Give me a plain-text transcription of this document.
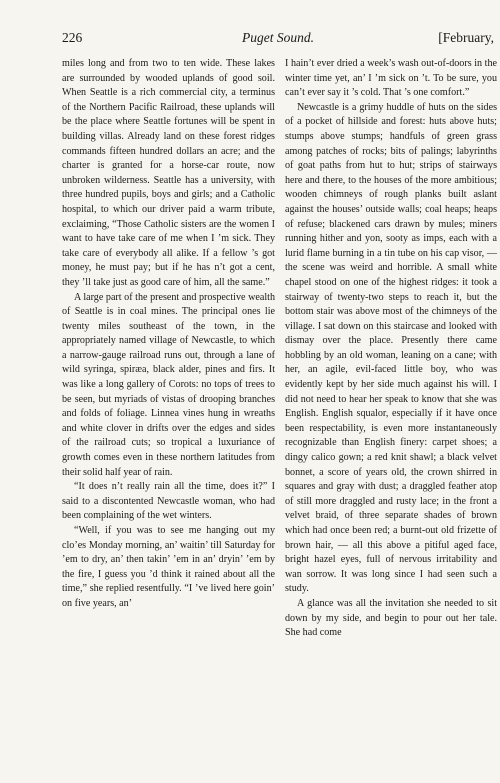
226	Puget Sound.	[February,

miles long and from two to ten wide. These lakes are surrounded by wooded uplands of good soil. When Seattle is a rich commercial city, a terminus of the Northern Pacific Railroad, these uplands will be the place where Seattle fortunes will be spent in building villas. Already land on these forest ridges commands fifteen hundred dollars an acre; and the charter is granted for a horse-car route, now unbroken wilderness. Seattle has a university, with three hundred pupils, boys and girls; and a Catholic hospital, to which our driver paid a warm tribute, exclaiming, “Those Catholic sisters are the women I want to have take care of me when I ’m sick. They take care of everybody all alike. If a fellow ’s got money, he must pay; but if he has n’t got a cent, they ’ll take just as good care of him, all the same.”

A large part of the present and prospective wealth of Seattle is in coal mines. The principal ones lie twenty miles southeast of the town, in the appropriately named village of Newcastle, to which a narrow-gauge railroad runs out, through a lane of wild syringa, spiræa, black alder, pines and firs. It was like a long gallery of Corots: no tops of trees to be seen, but myriads of vistas of drooping branches and folds of foliage. Linnea vines hung in wreaths and white clover in drifts over the edges and sides of the railroad cuts; so tropical a luxuriance of growth comes even in these northern latitudes from their solid half year of rain.

“It does n’t really rain all the time, does it?” I said to a discontented Newcastle woman, who had been complaining of the wet winters.

“Well, if you was to see me hanging out my clo’es Monday morning, an’ waitin’ till Saturday for ’em to dry, an’ then takin’ ’em in an’ dryin’ ’em by the fire, I guess you ’d think it rained about all the time,” she replied resentfully. “I ’ve lived here goin’ on five years, an’

I hain’t ever dried a week’s wash out-of-doors in the winter time yet, an’ I ’m sick on ’t. To be sure, you can’t ever say it ’s cold. That ’s one comfort.”

Newcastle is a grimy huddle of huts on the sides of a pocket of hillside and forest: huts above huts; stumps above stumps; handfuls of green grass among patches of rocks; bits of palings; labyrinths of goat paths from hut to hut; strips of stairways here and there, to the houses of the more ambitious; wooden chimneys of rough planks built aslant against the houses’ outside walls; coal heaps; heaps of refuse; blackened cars drawn by mules; miners running hither and yon, sooty as imps, each with a lurid flame burning in a tin tube on his cap visor, — the scene was weird and horrible. A small white chapel stood on one of the highest ridges: it took a stairway of twenty-two steps to reach it, but the bottom stair was above most of the chimneys of the village. I sat down on this staircase and looked with dismay over the place. Presently there came hobbling by an old woman, leaning on a cane; with her, an agile, evil-faced little boy, who was evidently kept by her side much against his will. I did not need to hear her speak to know that she was English. English squalor, especially if it have once been respectability, is even more instantaneously recognizable than English finery: carpet shoes; a dingy calico gown; a red knit shawl; a black velvet bonnet, a score of years old, the crown shirred in squares and gray with dust; a draggled feather atop of still more draggled and rusty lace; in the front a velvet braid, of three separate shades of brown which had once been red; a burnt-out old frizette of brown hair, — all this above a pitiful aged face, bright hazel eyes, full of nervous irritability and wan sorrow. It was long since I had seen such a study.

A glance was all the invitation she needed to sit down by my side, and begin to pour out her tale. She had come
